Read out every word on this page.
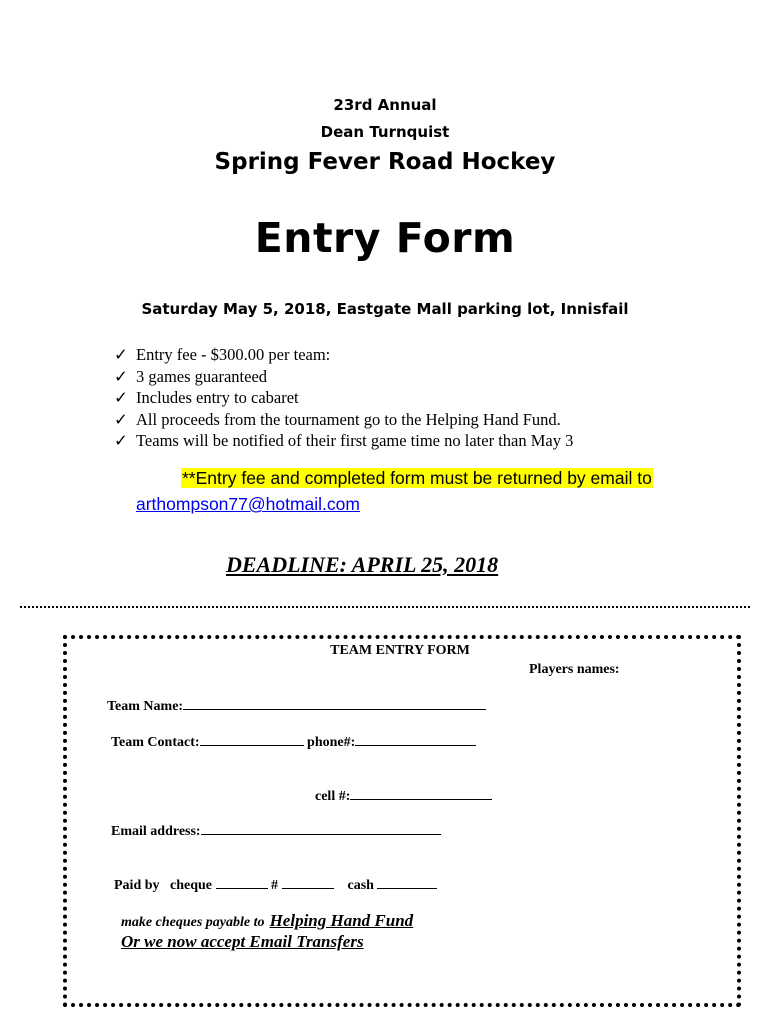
23rd Annual
Dean Turnquist
Spring Fever Road Hockey
Entry Form
Saturday May 5, 2018, Eastgate Mall parking lot, Innisfail
✓ Entry fee - $300.00 per team:
✓ 3 games guaranteed
✓ Includes entry to cabaret
✓ All proceeds from the tournament go to the Helping Hand Fund.
✓ Teams will be notified of their first game time no later than May 3
**Entry fee and completed form must be returned by email to
arthompson77@hotmail.com
DEADLINE: APRIL 25, 2018
TEAM ENTRY FORM
Players names:
Team Name:
Team Contact:	phone#:
cell #:
Email address:
Paid by cheque	#	cash
make cheques payable to Helping Hand Fund
Or we now accept Email Transfers
